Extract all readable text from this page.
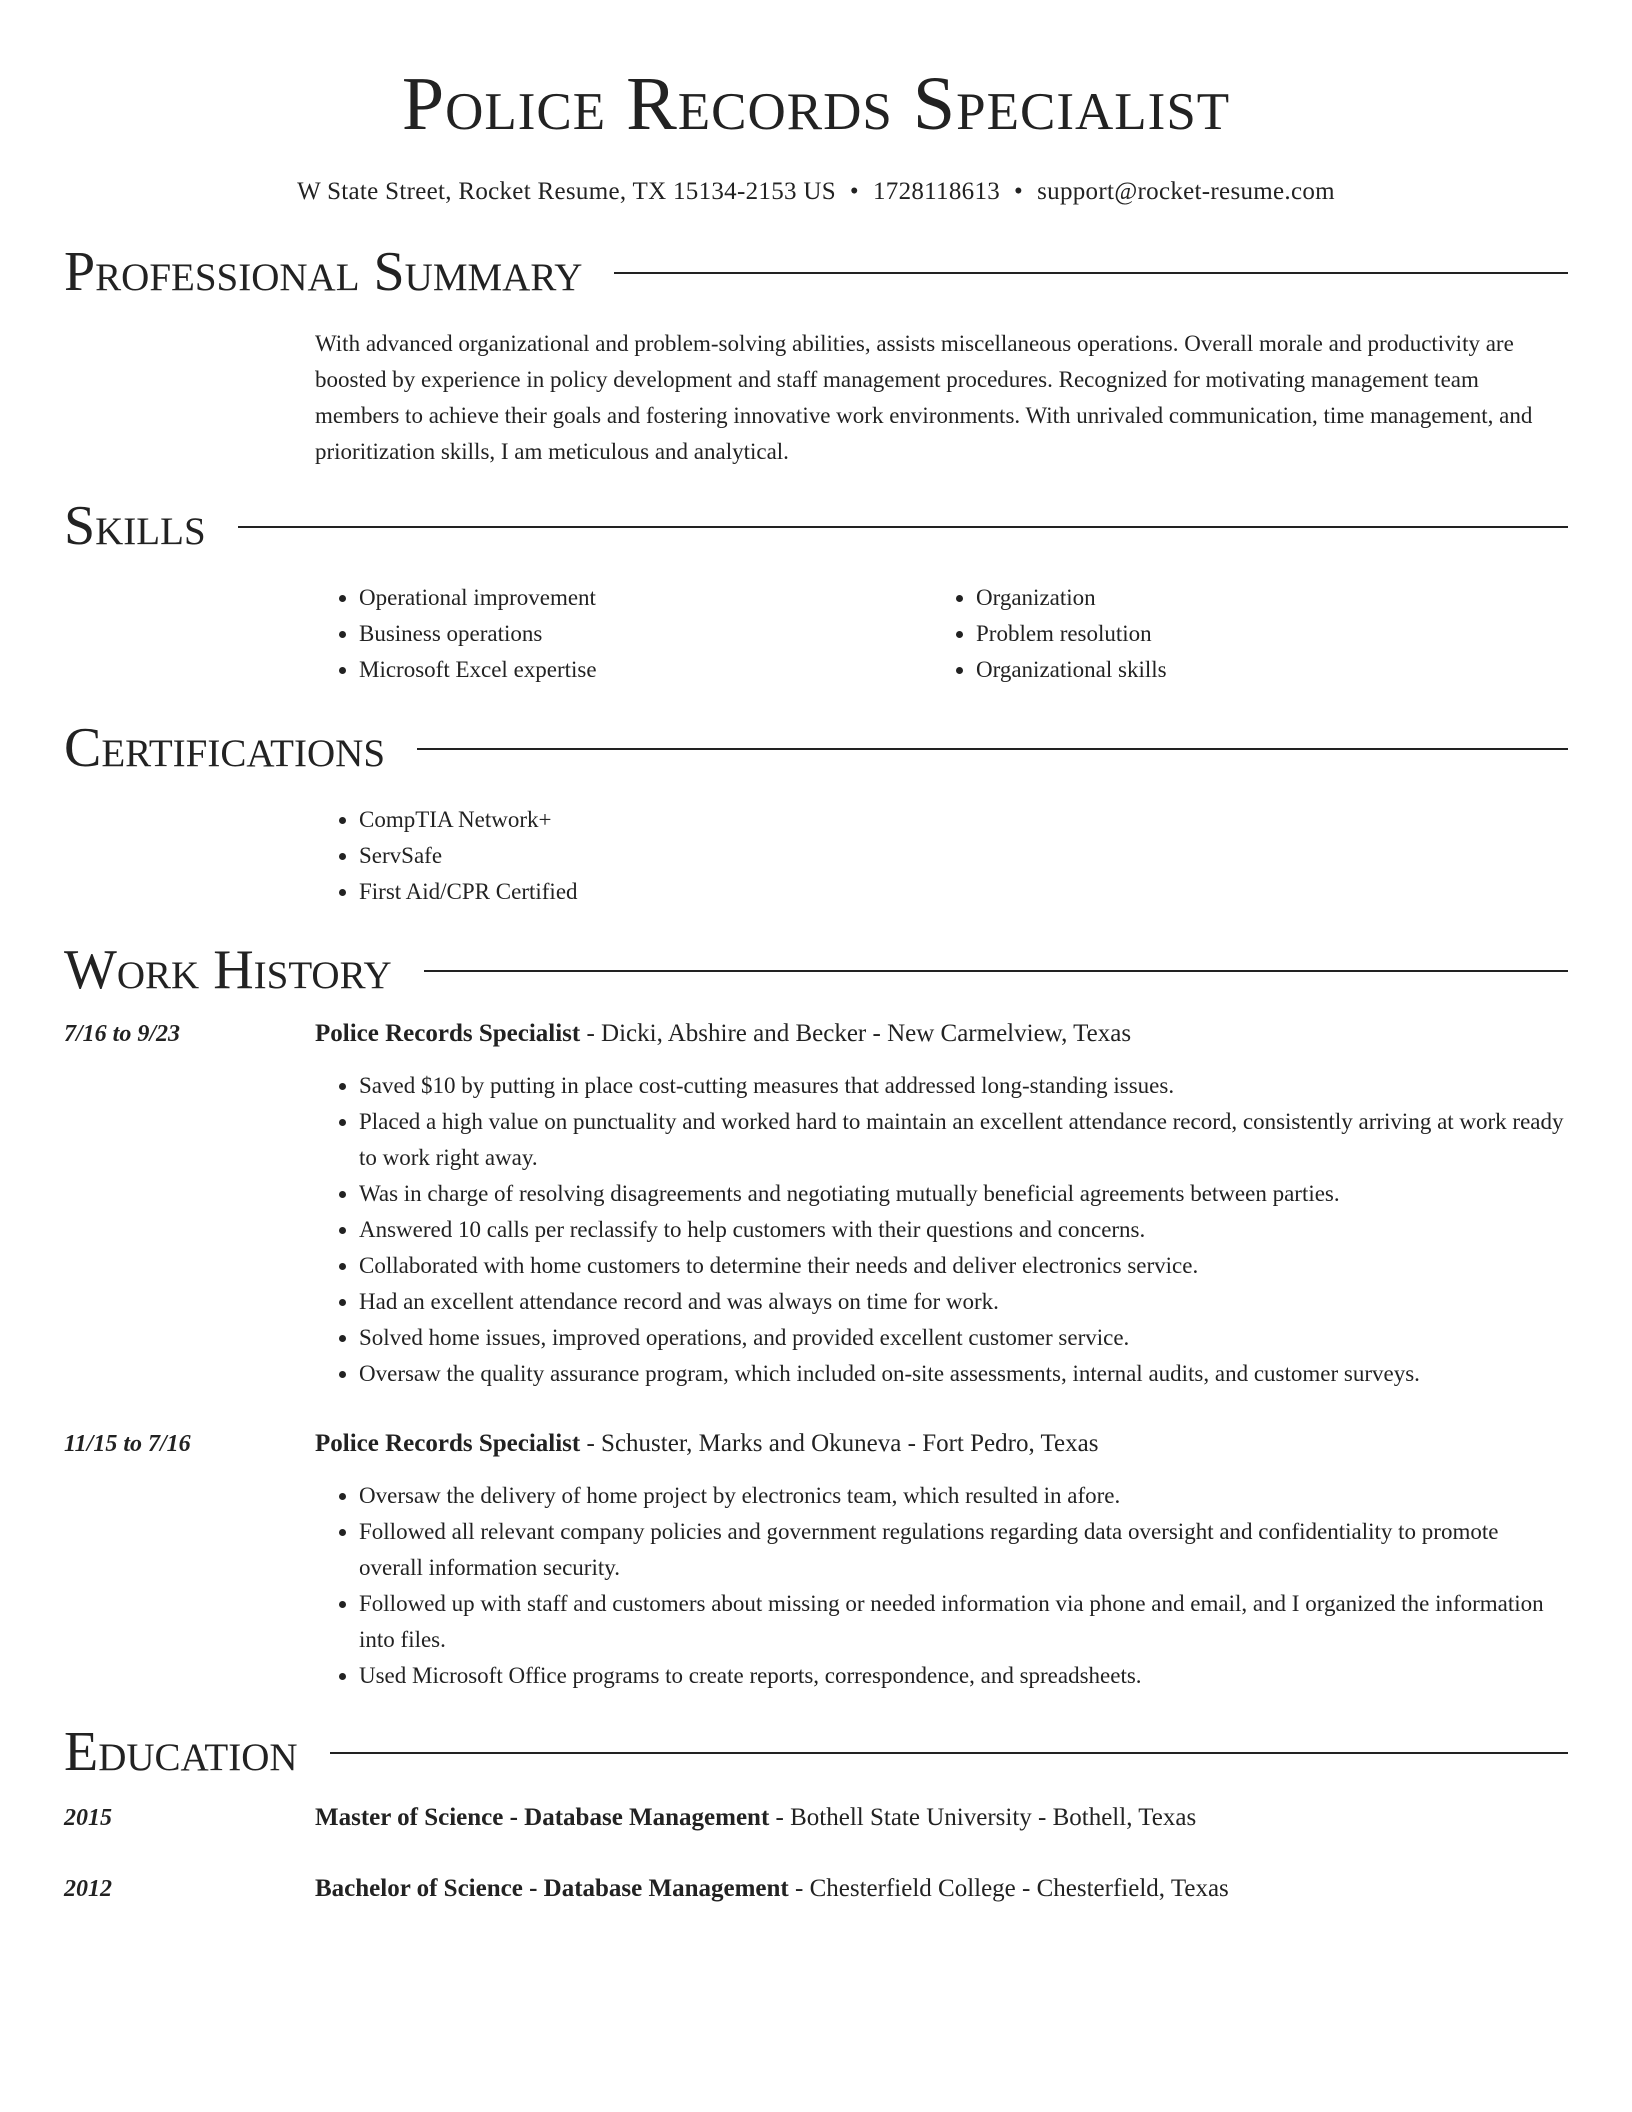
Police Records Specialist
W State Street, Rocket Resume, TX 15134-2153 US • 1728118613 • support@rocket-resume.com
Professional Summary

With advanced organizational and problem-solving abilities, assists miscellaneous operations. Overall morale and productivity are boosted by experience in policy development and staff management procedures. Recognized for motivating management team members to achieve their goals and fostering innovative work environments. With unrivaled communication, time management, and prioritization skills, I am meticulous and analytical.

Skills
• Operational improvement
• Business operations
• Microsoft Excel expertise
• Organization
• Problem resolution
• Organizational skills
Certifications
• CompTIA Network+
• ServSafe
• First Aid/CPR Certified
Work History
7/16 to 9/23	Police Records Specialist - Dicki, Abshire and Becker - New Carmelview, Texas
• Saved $10 by putting in place cost-cutting measures that addressed long-standing issues.
• Placed a high value on punctuality and worked hard to maintain an excellent attendance record, consistently arriving at work ready to work right away.
• Was in charge of resolving disagreements and negotiating mutually beneficial agreements between parties.
• Answered 10 calls per reclassify to help customers with their questions and concerns.
• Collaborated with home customers to determine their needs and deliver electronics service.
• Had an excellent attendance record and was always on time for work.
• Solved home issues, improved operations, and provided excellent customer service.
• Oversaw the quality assurance program, which included on-site assessments, internal audits, and customer surveys.
11/15 to 7/16	Police Records Specialist - Schuster, Marks and Okuneva - Fort Pedro, Texas
• Oversaw the delivery of home project by electronics team, which resulted in afore.
• Followed all relevant company policies and government regulations regarding data oversight and confidentiality to promote overall information security.
• Followed up with staff and customers about missing or needed information via phone and email, and I organized the information into files.
• Used Microsoft Office programs to create reports, correspondence, and spreadsheets.
Education
2015	Master of Science - Database Management - Bothell State University - Bothell, Texas
2012	Bachelor of Science - Database Management - Chesterfield College - Chesterfield, Texas
